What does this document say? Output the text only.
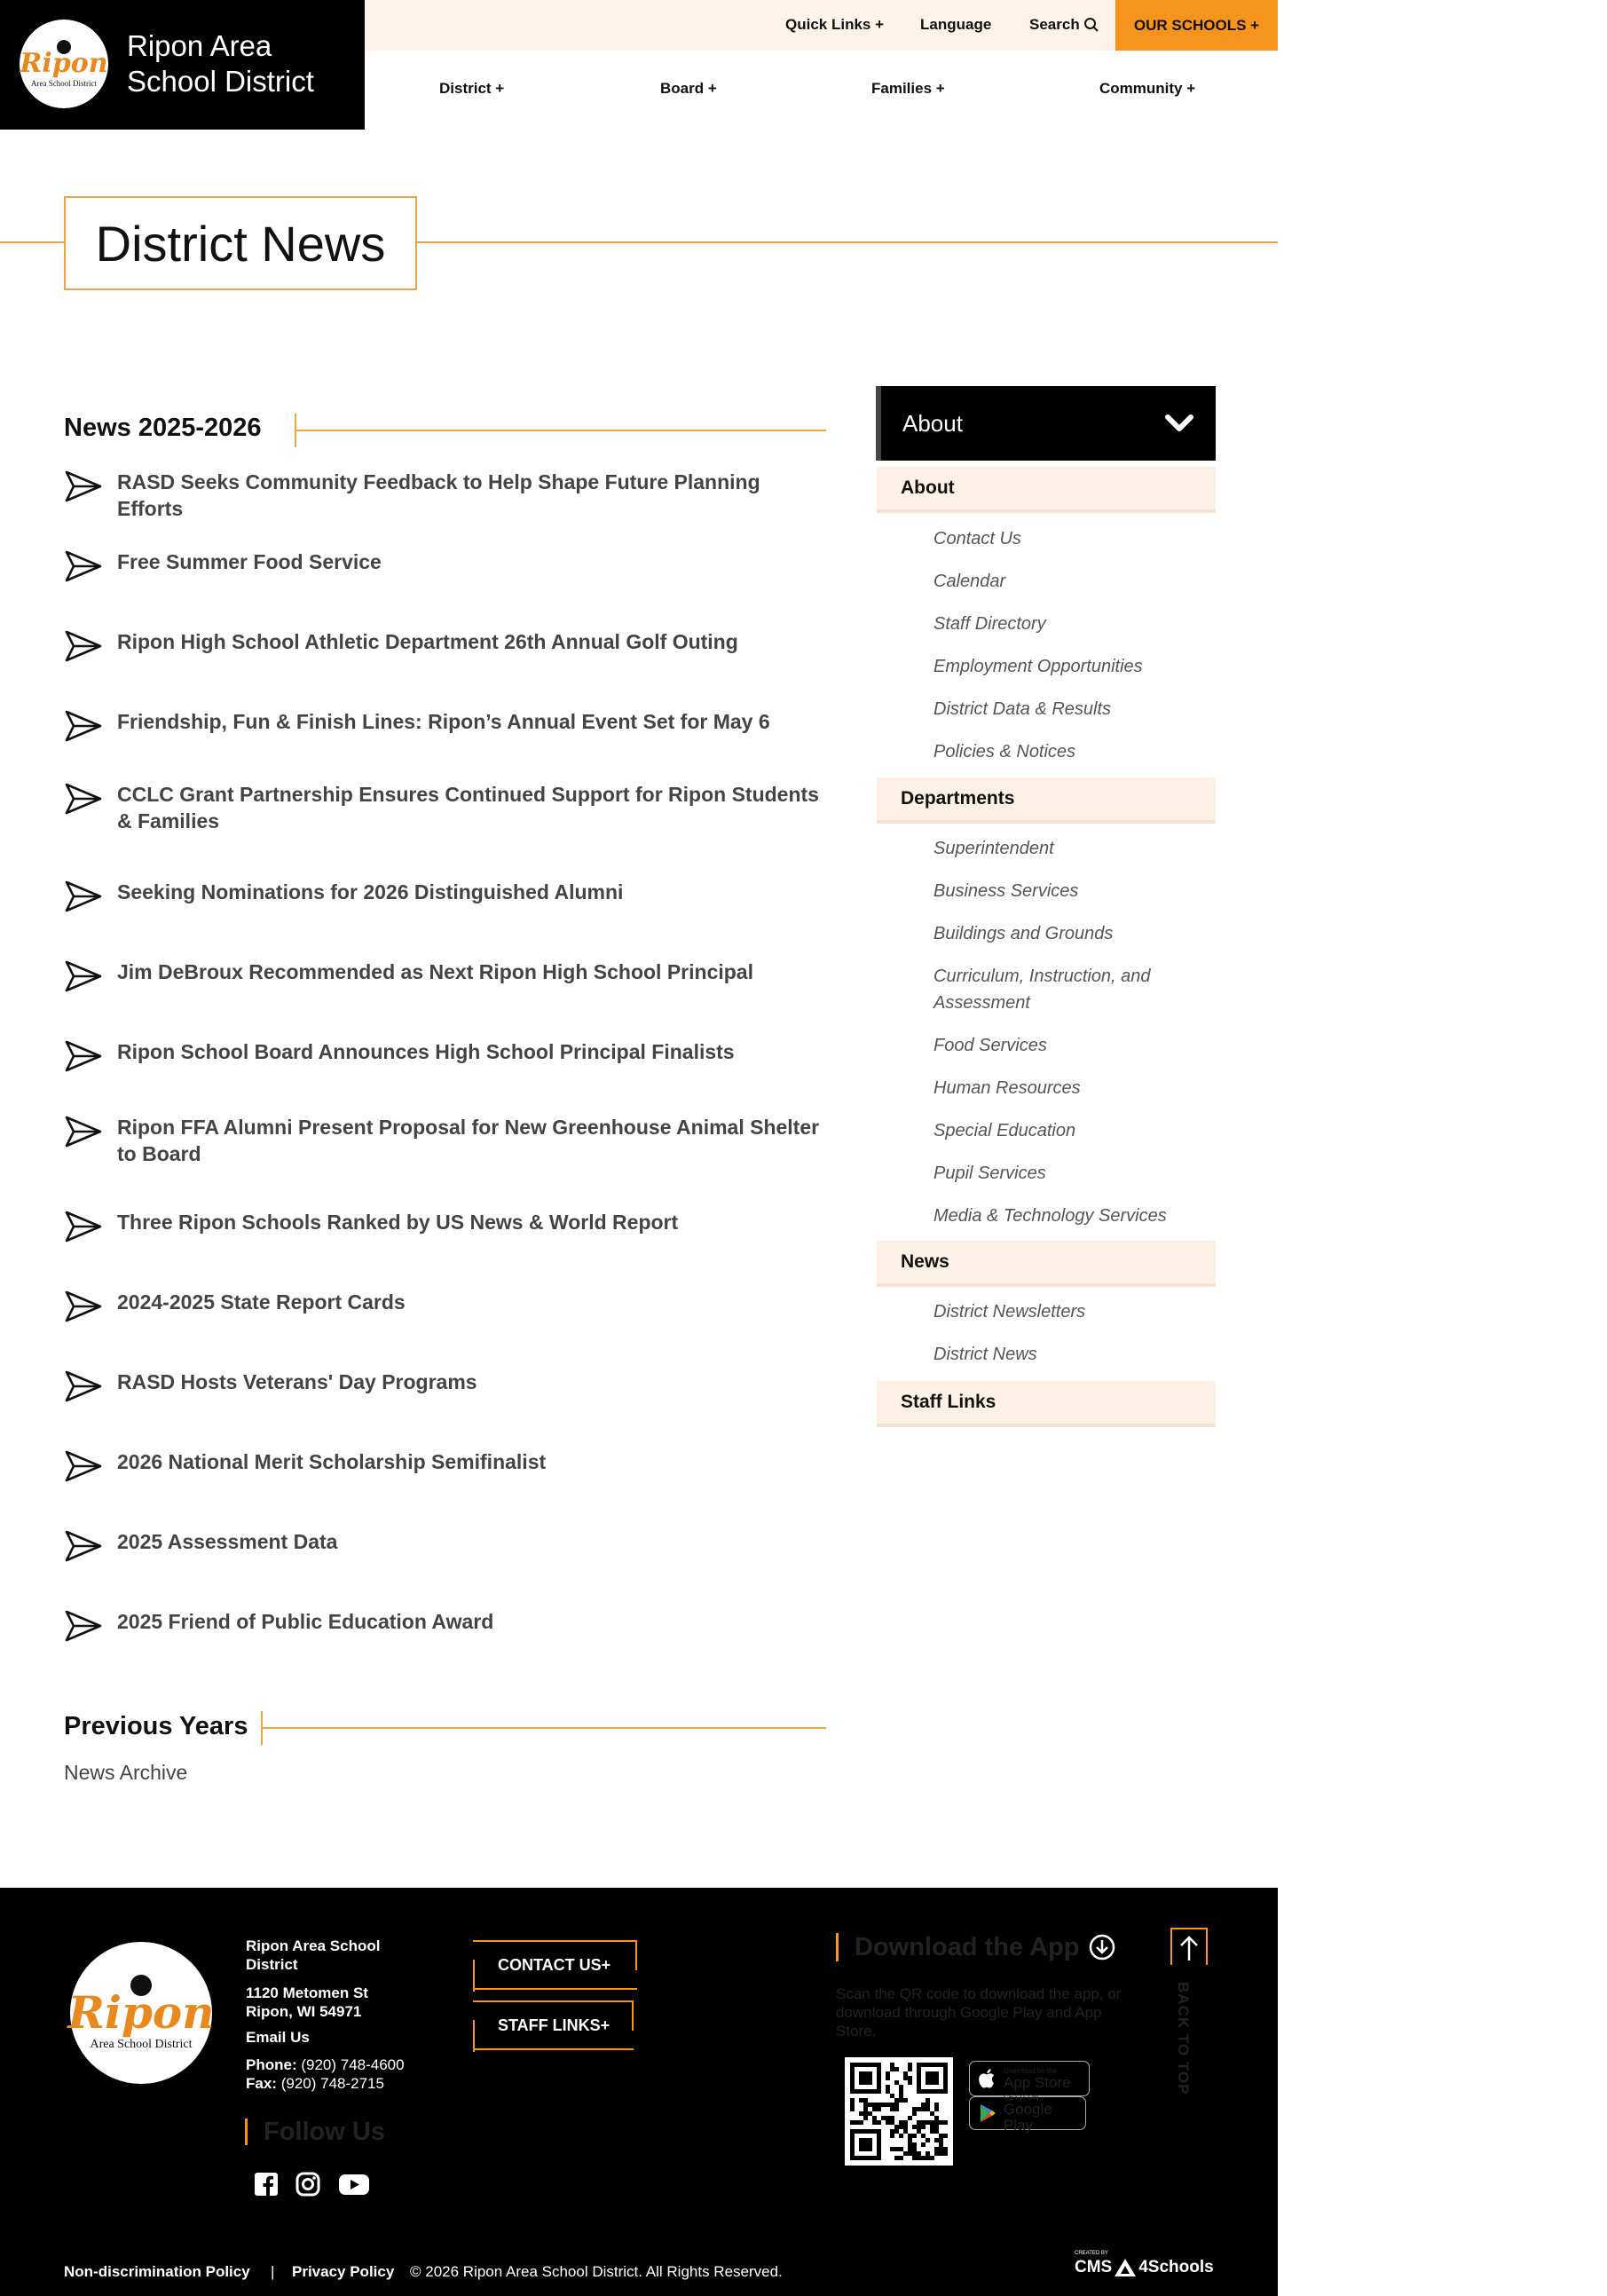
Ripon
Area School District
Ripon Area
School District
Quick Links + Language	Search	OUR SCHOOLS +
District +	Board +	Families +	Community +
District News
News 2025-2026
RASD Seeks Community Feedback to Help Shape Future Planning Efforts
Free Summer Food Service
Ripon High School Athletic Department 26th Annual Golf Outing
Friendship, Fun & Finish Lines: Ripon’s Annual Event Set for May 6
CCLC Grant Partnership Ensures Continued Support for Ripon Students & Families
Seeking Nominations for 2026 Distinguished Alumni
Jim DeBroux Recommended as Next Ripon High School Principal
Ripon School Board Announces High School Principal Finalists
Ripon FFA Alumni Present Proposal for New Greenhouse Animal Shelter to Board
Three Ripon Schools Ranked by US News & World Report
2024-2025 State Report Cards
RASD Hosts Veterans' Day Programs
2026 National Merit Scholarship Semifinalist
2025 Assessment Data
2025 Friend of Public Education Award
Previous Years
News Archive
About
About
Departments
News
Staff Links
Contact Us
Calendar
Staff Directory
Employment Opportunities
District Data & Results
Policies & Notices
Superintendent
Business Services
Buildings and Grounds
Curriculum, Instruction, and Assessment
Food Services
Human Resources
Special Education
Pupil Services
Media & Technology Services
District Newsletters
District News
Ripon
Area School District
Ripon Area School District
1120 Metomen St
Ripon, WI 54971
Email Us
Phone: (920) 748-4600
Fax: (920) 748-2715
CONTACT US+
STAFF LINKS+
Follow Us
Download the App
Scan the QR code to download the app, or download through Google Play and App Store.
Download on the
App Store
GET IT ON
Google Play
BACK TO TOP
Non-discrimination Policy | Privacy Policy © 2026 Ripon Area School District. All Rights Reserved.
CREATED BY
CMS 4Schools
